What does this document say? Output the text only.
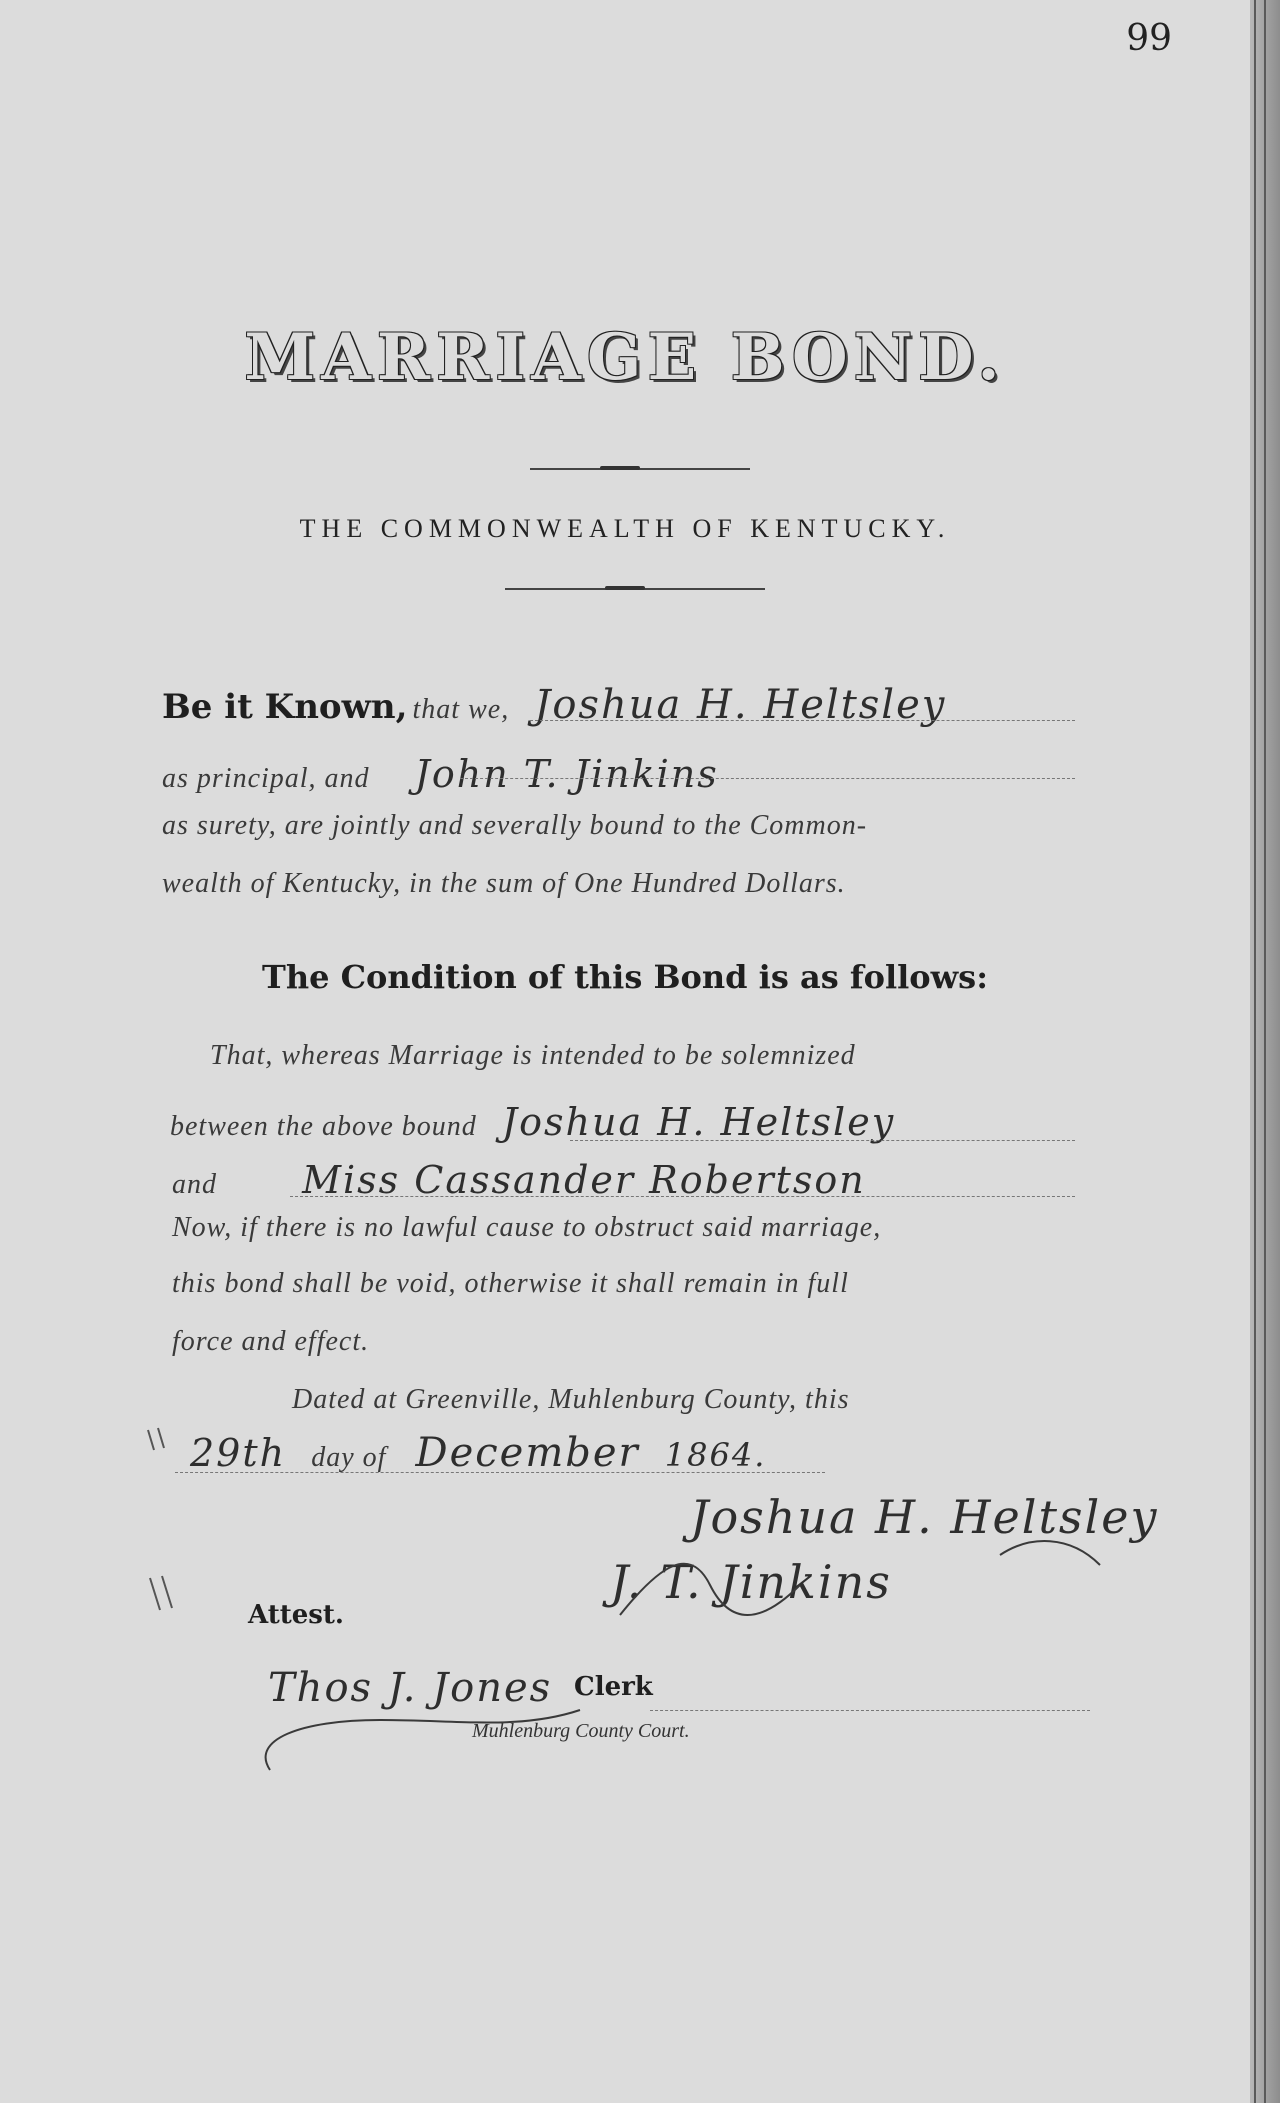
99
MARRIAGE BOND.
THE COMMONWEALTH OF KENTUCKY.
Be it Known, that we, Joshua H. Heltsley
as principal, and John T. Jinkins
as surety, are jointly and severally bound to the Common-
wealth of Kentucky, in the sum of One Hundred Dollars.
The Condition of this Bond is as follows:
That, whereas Marriage is intended to be solemnized
between the above bound Joshua H. Heltsley
and Miss Cassander Robertson
Now, if there is no lawful cause to obstruct said marriage,
this bond shall be void, otherwise it shall remain in full
force and effect.
Dated at Greenville, Muhlenburg County, this
29th day of December 1864.
Joshua H. Heltsley
J. T. Jinkins
Attest.
Thos J. Jones Clerk
Muhlenburg County Court.
